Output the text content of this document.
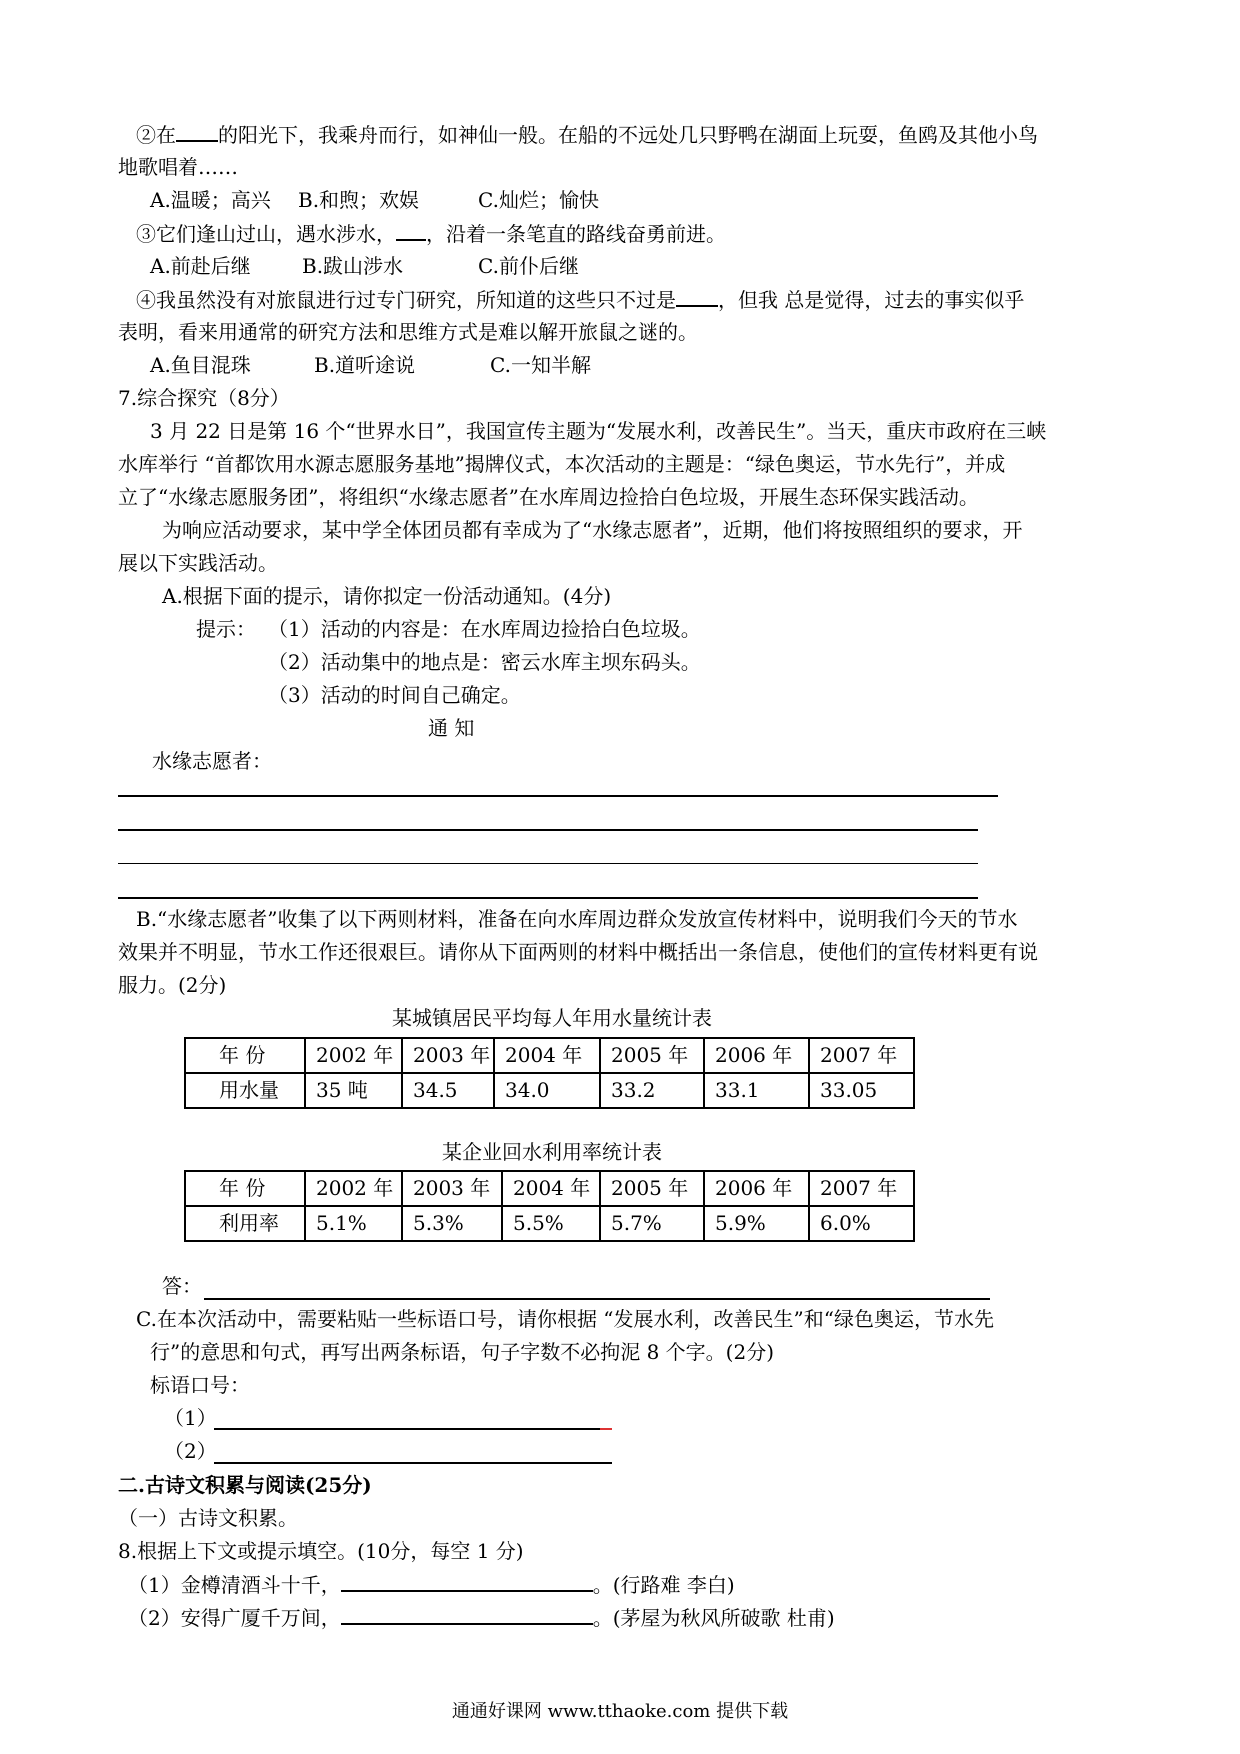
②在 的阳光下，我乘舟而行，如神仙一般。在船的不远处几只野鸭在湖面上玩耍，鱼鸥及其他小鸟
地歌唱着……
A.温暖；高兴 B.和煦；欢娱	C.灿烂；愉快
③它们逢山过山，遇水涉水， ，沿着一条笔直的路线奋勇前进。
A.前赴后继	B.跋山涉水	C.前仆后继
④我虽然没有对旅鼠进行过专门研究，所知道的这些只不过是 ，但我 总是觉得，过去的事实似乎
表明，看来用通常的研究方法和思维方式是难以解开旅鼠之谜的。
A.鱼目混珠	B.道听途说	C.一知半解
7.综合探究（8分）
3 月 22 日是第 16 个“世界水日”，我国宣传主题为“发展水利，改善民生”。当天，重庆市政府在三峡
水库举行 “首都饮用水源志愿服务基地”揭牌仪式，本次活动的主题是：“绿色奥运，节水先行”，并成
立了“水缘志愿服务团”，将组织“水缘志愿者”在水库周边捡拾白色垃圾，开展生态环保实践活动。
为响应活动要求，某中学全体团员都有幸成为了“水缘志愿者”，近期，他们将按照组织的要求，开
展以下实践活动。
A.根据下面的提示，请你拟定一份活动通知。(4分)
提示： （1）活动的内容是：在水库周边捡拾白色垃圾。
（2）活动集中的地点是：密云水库主坝东码头。
（3）活动的时间自己确定。
通 知
水缘志愿者：
B.“水缘志愿者”收集了以下两则材料，准备在向水库周边群众发放宣传材料中，说明我们今天的节水
效果并不明显，节水工作还很艰巨。请你从下面两则的材料中概括出一条信息，使他们的宣传材料更有说
服力。(2分)
某城镇居民平均每人年用水量统计表
年 份	2002 年	2003 年	2004 年	2005 年	2006 年	2007 年
用水量	35 吨	34.5	34.0	33.2	33.1	33.05
某企业回水利用率统计表
年 份	2002 年	2003 年	2004 年	2005 年	2006 年	2007 年
利用率	5.1%	5.3%	5.5%	5.7%	5.9%	6.0%
答：
C.在本次活动中，需要粘贴一些标语口号，请你根据 “发展水利，改善民生”和“绿色奥运，节水先
行”的意思和句式，再写出两条标语，句子字数不必拘泥 8 个字。(2分)
标语口号：
（1）
（2）
二.古诗文积累与阅读(25分)
（一）古诗文积累。
8.根据上下文或提示填空。(10分，每空 1 分)
（1）金樽清酒斗十千，	。(行路难 李白)
（2）安得广厦千万间，	。(茅屋为秋风所破歌 杜甫)
通通好课网 www.tthaoke.com 提供下载
